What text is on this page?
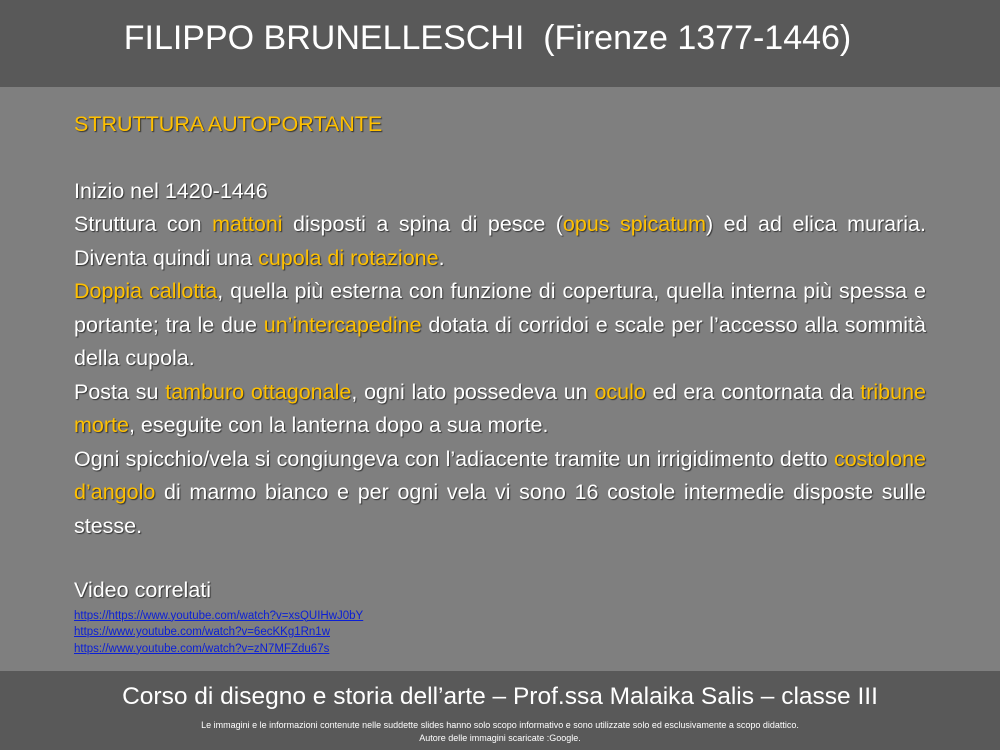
FILIPPO BRUNELLESCHI  (Firenze 1377-1446)
STRUTTURA AUTOPORTANTE
Inizio nel 1420-1446
Struttura con mattoni disposti a spina di pesce (opus spicatum) ed ad elica muraria. Diventa quindi una cupola di rotazione.
Doppia callotta, quella più esterna con funzione di copertura, quella interna più spessa e portante; tra le due un’intercapedine dotata di corridoi e scale per l’accesso alla sommità della cupola.
Posta su tamburo ottagonale, ogni lato possedeva un oculo ed era contornata da tribune morte, eseguite con la lanterna dopo a sua morte.
Ogni spicchio/vela si congiungeva con l’adiacente tramite un irrigidimento detto costolone d’angolo di marmo bianco e per ogni vela vi sono 16 costole intermedie disposte sulle stesse.
Video correlati
https://https://www.youtube.com/watch?v=xsQUIHwJ0bY
https://www.youtube.com/watch?v=6ecKKg1Rn1w
https://www.youtube.com/watch?v=zN7MFZdu67s
Corso di disegno e storia dell’arte – Prof.ssa Malaika Salis – classe III
Le immagini e le informazioni contenute nelle suddette slides hanno solo scopo informativo e sono utilizzate solo ed esclusivamente a scopo didattico.
Autore delle immagini scaricate :Google.
